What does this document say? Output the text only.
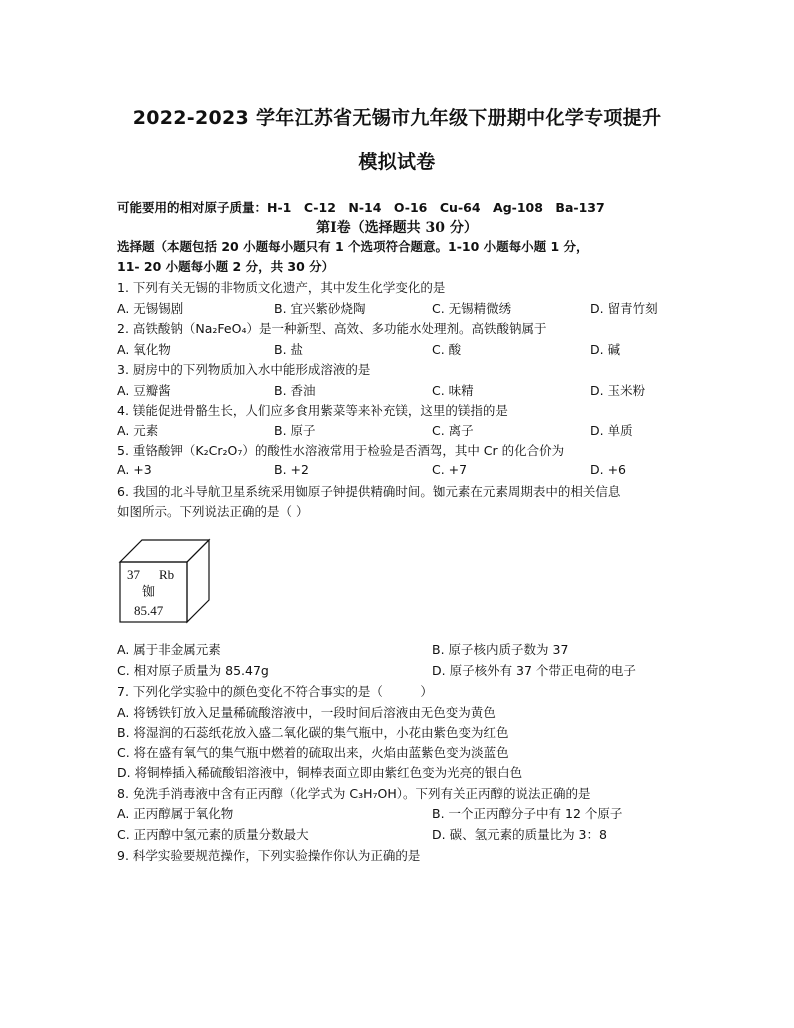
2022-2023 学年江苏省无锡市九年级下册期中化学专项提升
模拟试卷
可能要用的相对原子质量：H-1　C-12　N-14　O-16　Cu-64　Ag-108　Ba-137
第Ⅰ卷（选择题共 30 分）
选择题（本题包括 20 小题每小题只有 1 个选项符合题意。1-10 小题每小题 1 分，
11- 20 小题每小题 2 分，共 30 分）
1. 下列有关无锡的非物质文化遗产，其中发生化学变化的是
A. 无锡锡剧	B. 宜兴紫砂烧陶	C. 无锡精微绣	D. 留青竹刻
2. 高铁酸钠（Na₂FeO₄）是一种新型、高效、多功能水处理剂。高铁酸钠属于
A. 氧化物	B. 盐	C. 酸	D. 碱
3. 厨房中的下列物质加入水中能形成溶液的是
A. 豆瓣酱	B. 香油	C. 味精	D. 玉米粉
4. 镁能促进骨骼生长，人们应多食用紫菜等来补充镁，这里的镁指的是
A. 元素	B. 原子	C. 离子	D. 单质
5. 重铬酸钾（K₂Cr₂O₇）的酸性水溶液常用于检验是否酒驾，其中 Cr 的化合价为
A. +3	B. +2	C. +7	D. +6
6. 我国的北斗导航卫星系统采用铷原子钟提供精确时间。铷元素在元素周期表中的相关信息
如图所示。下列说法正确的是（ ）
37 Rb
铷
85.47
A. 属于非金属元素	B. 原子核内质子数为 37
C. 相对原子质量为 85.47g	D. 原子核外有 37 个带正电荷的电子
7. 下列化学实验中的颜色变化不符合事实的是（　　　）
A. 将锈铁钉放入足量稀硫酸溶液中，一段时间后溶液由无色变为黄色
B. 将湿润的石蕊纸花放入盛二氧化碳的集气瓶中，小花由紫色变为红色
C. 将在盛有氧气的集气瓶中燃着的硫取出来，火焰由蓝紫色变为淡蓝色
D. 将铜棒插入稀硫酸铝溶液中，铜棒表面立即由紫红色变为光亮的银白色
8. 免洗手消毒液中含有正丙醇（化学式为 C₃H₇OH）。下列有关正丙醇的说法正确的是
A. 正丙醇属于氧化物	B. 一个正丙醇分子中有 12 个原子
C. 正丙醇中氢元素的质量分数最大	D. 碳、氢元素的质量比为 3：8
9. 科学实验要规范操作，下列实验操作你认为正确的是
